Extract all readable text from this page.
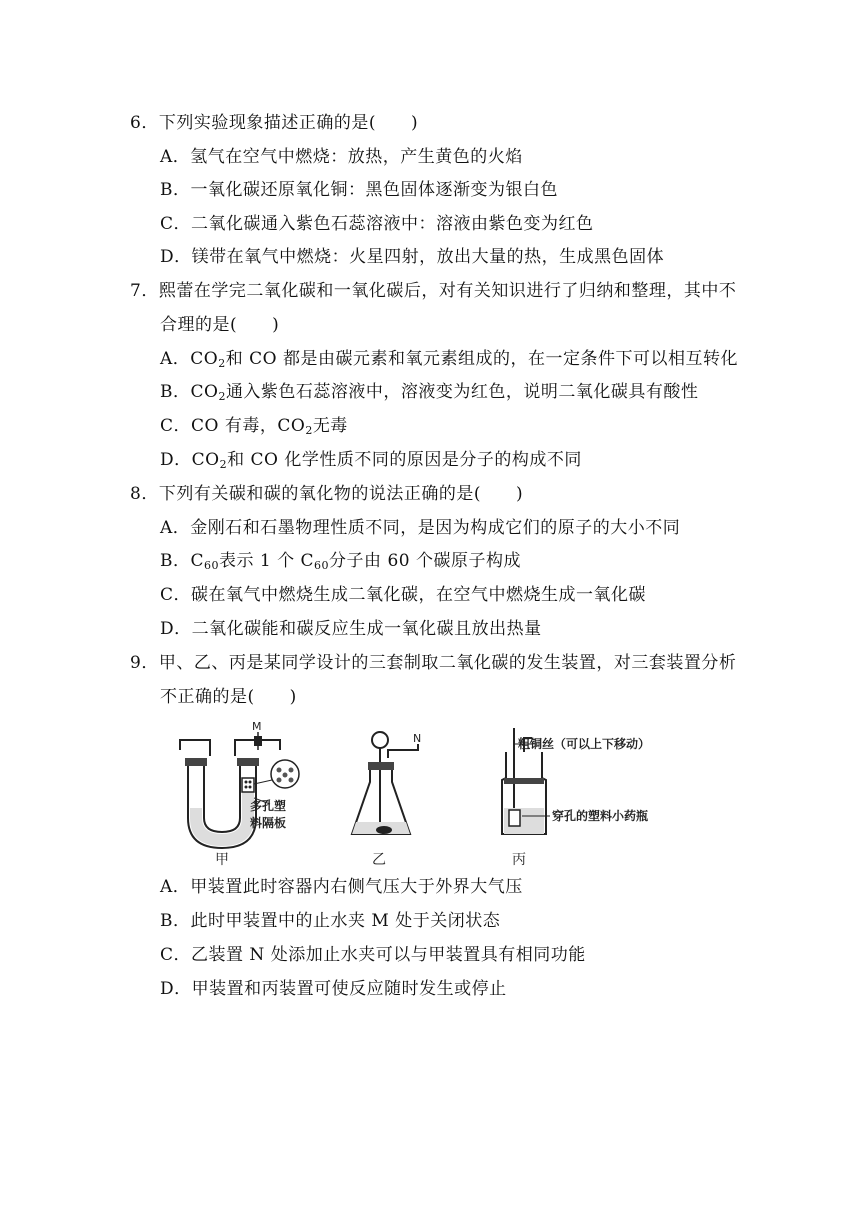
6．下列实验现象描述正确的是(　　)
A．氢气在空气中燃烧：放热，产生黄色的火焰
B．一氧化碳还原氧化铜：黑色固体逐渐变为银白色
C．二氧化碳通入紫色石蕊溶液中：溶液由紫色变为红色
D．镁带在氧气中燃烧：火星四射，放出大量的热，生成黑色固体
7．熙蕾在学完二氧化碳和一氧化碳后，对有关知识进行了归纳和整理，其中不
合理的是(　　)
A．$CO_2$和 CO 都是由碳元素和氧元素组成的，在一定条件下可以相互转化
B．$CO_2$通入紫色石蕊溶液中，溶液变为红色，说明二氧化碳具有酸性
C．CO 有毒，$CO_2$无毒
D．$CO_2$和 CO 化学性质不同的原因是分子的构成不同
8．下列有关碳和碳的氧化物的说法正确的是(　　)
A．金刚石和石墨物理性质不同，是因为构成它们的原子的大小不同
B．$C_{60}$表示 1 个 $C_{60}$分子由 60 个碳原子构成
C．碳在氧气中燃烧生成二氧化碳，在空气中燃烧生成一氧化碳
D．二氧化碳能和碳反应生成一氧化碳且放出热量
9．甲、乙、丙是某同学设计的三套制取二氧化碳的发生装置，对三套装置分析
不正确的是(　　)
M
多孔塑
料隔板
甲
N
乙
粗铜丝（可以上下移动）
穿孔的塑料小药瓶
丙
A．甲装置此时容器内右侧气压大于外界大气压
B．此时甲装置中的止水夹 M 处于关闭状态
C．乙装置 N 处添加止水夹可以与甲装置具有相同功能
D．甲装置和丙装置可使反应随时发生或停止
